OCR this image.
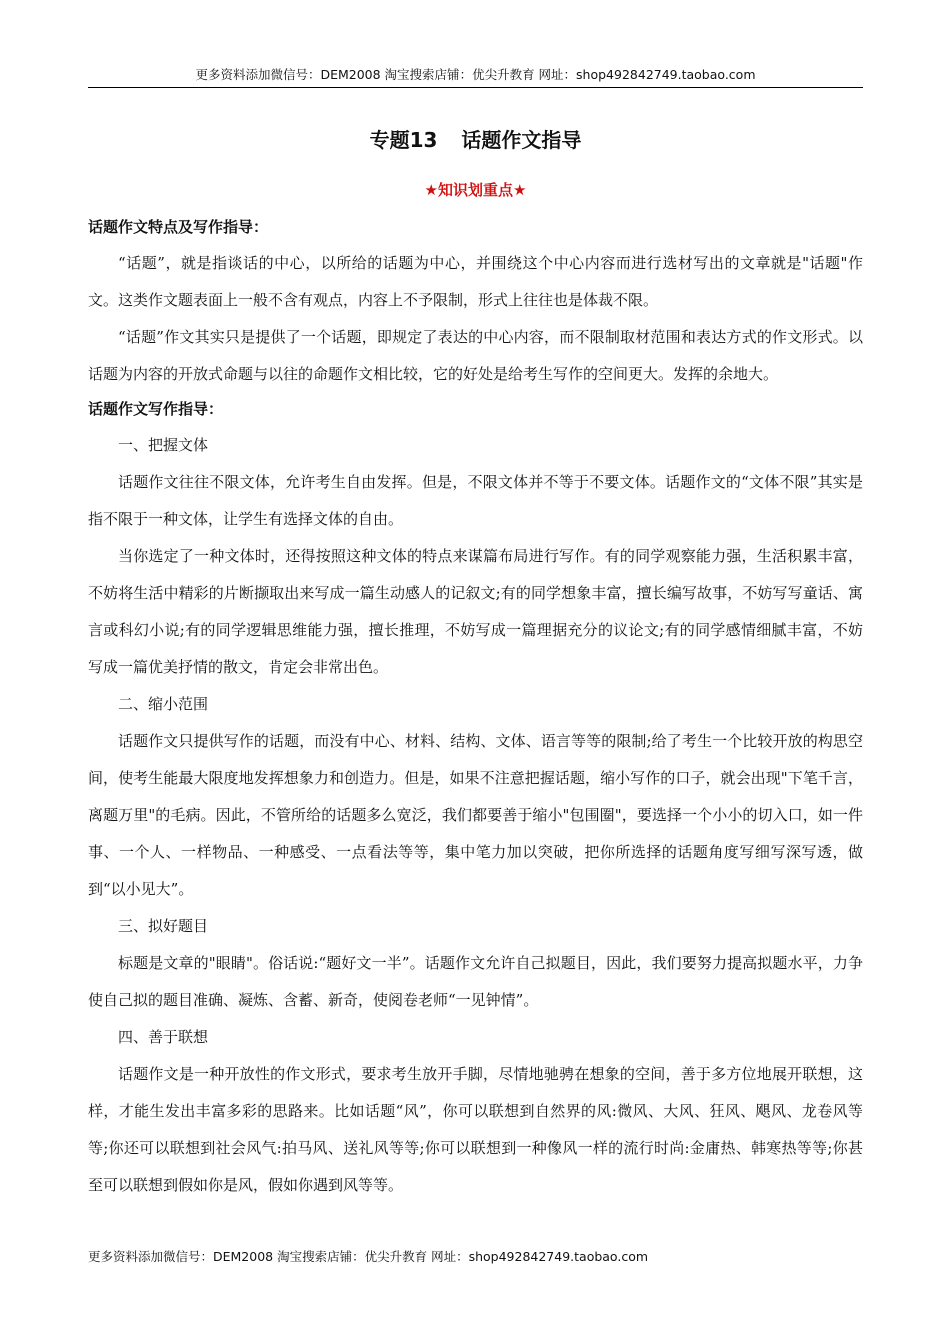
更多资料添加微信号：DEM2008 淘宝搜索店铺：优尖升教育 网址：shop492842749.taobao.com
专题13 话题作文指导
★知识划重点★

话题作文特点及写作指导：

“话题”，就是指谈话的中心，以所给的话题为中心，并围绕这个中心内容而进行选材写出的文章就是"话题"作文。这类作文题表面上一般不含有观点，内容上不予限制，形式上往往也是体裁不限。

“话题”作文其实只是提供了一个话题，即规定了表达的中心内容，而不限制取材范围和表达方式的作文形式。以话题为内容的开放式命题与以往的命题作文相比较，它的好处是给考生写作的空间更大。发挥的余地大。

话题作文写作指导：

一、把握文体

话题作文往往不限文体，允许考生自由发挥。但是，不限文体并不等于不要文体。话题作文的“文体不限”其实是指不限于一种文体，让学生有选择文体的自由。

当你选定了一种文体时，还得按照这种文体的特点来谋篇布局进行写作。有的同学观察能力强，生活积累丰富，不妨将生活中精彩的片断撷取出来写成一篇生动感人的记叙文;有的同学想象丰富，擅长编写故事，不妨写写童话、寓言或科幻小说;有的同学逻辑思维能力强，擅长推理，不妨写成一篇理据充分的议论文;有的同学感情细腻丰富，不妨写成一篇优美抒情的散文，肯定会非常出色。

二、缩小范围

话题作文只提供写作的话题，而没有中心、材料、结构、文体、语言等等的限制;给了考生一个比较开放的构思空间，使考生能最大限度地发挥想象力和创造力。但是，如果不注意把握话题，缩小写作的口子，就会出现"下笔千言，离题万里"的毛病。因此，不管所给的话题多么宽泛，我们都要善于缩小"包围圈"，要选择一个小小的切入口，如一件事、一个人、一样物品、一种感受、一点看法等等，集中笔力加以突破，把你所选择的话题角度写细写深写透，做到“以小见大”。

三、拟好题目

标题是文章的"眼睛"。俗话说:“题好文一半”。话题作文允许自己拟题目，因此，我们要努力提高拟题水平，力争使自己拟的题目准确、凝炼、含蓄、新奇，使阅卷老师“一见钟情”。

四、善于联想

话题作文是一种开放性的作文形式，要求考生放开手脚，尽情地驰骋在想象的空间，善于多方位地展开联想，这样，才能生发出丰富多彩的思路来。比如话题“风”，你可以联想到自然界的风:微风、大风、狂风、飓风、龙卷风等等;你还可以联想到社会风气:拍马风、送礼风等等;你可以联想到一种像风一样的流行时尚:金庸热、韩寒热等等;你甚至可以联想到假如你是风，假如你遇到风等等。

更多资料添加微信号：DEM2008 淘宝搜索店铺：优尖升教育 网址：shop492842749.taobao.com
